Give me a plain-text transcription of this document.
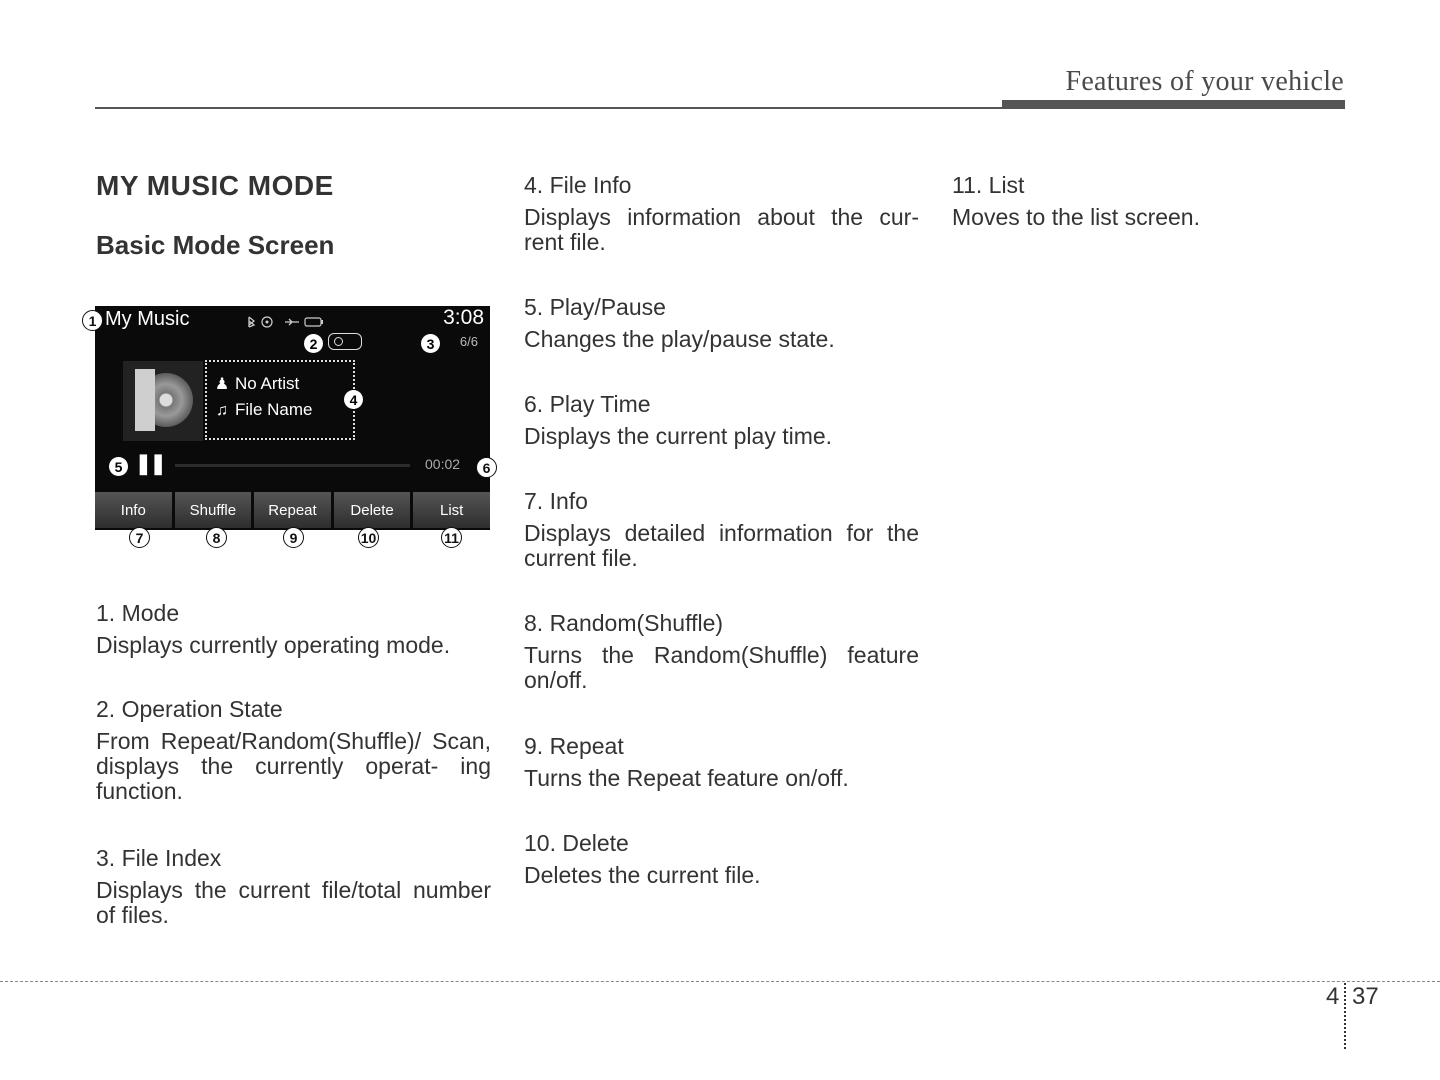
Features of your vehicle
MY MUSIC MODE
Basic Mode Screen
My Music	3:08
6/6
♟ No Artist
♫ File Name
❚❚	00:02
Info	Shuffle	Repeat	Delete	List
1
2	3
4
5	6
7	8	9	10	11
1. Mode
Displays currently operating mode.
2. Operation State
From Repeat/Random(Shuffle)/ Scan, displays the currently operat- ing function.
3. File Index
Displays the current file/total number of files.
4. File Info
Displays information about the cur- rent file.
5. Play/Pause
Changes the play/pause state.
6. Play Time
Displays the current play time.
7. Info
Displays detailed information for the current file.
8. Random(Shuffle)
Turns the Random(Shuffle) feature on/off.
9. Repeat
Turns the Repeat feature on/off.
10. Delete
Deletes the current file.
11. List
Moves to the list screen.
4 37
